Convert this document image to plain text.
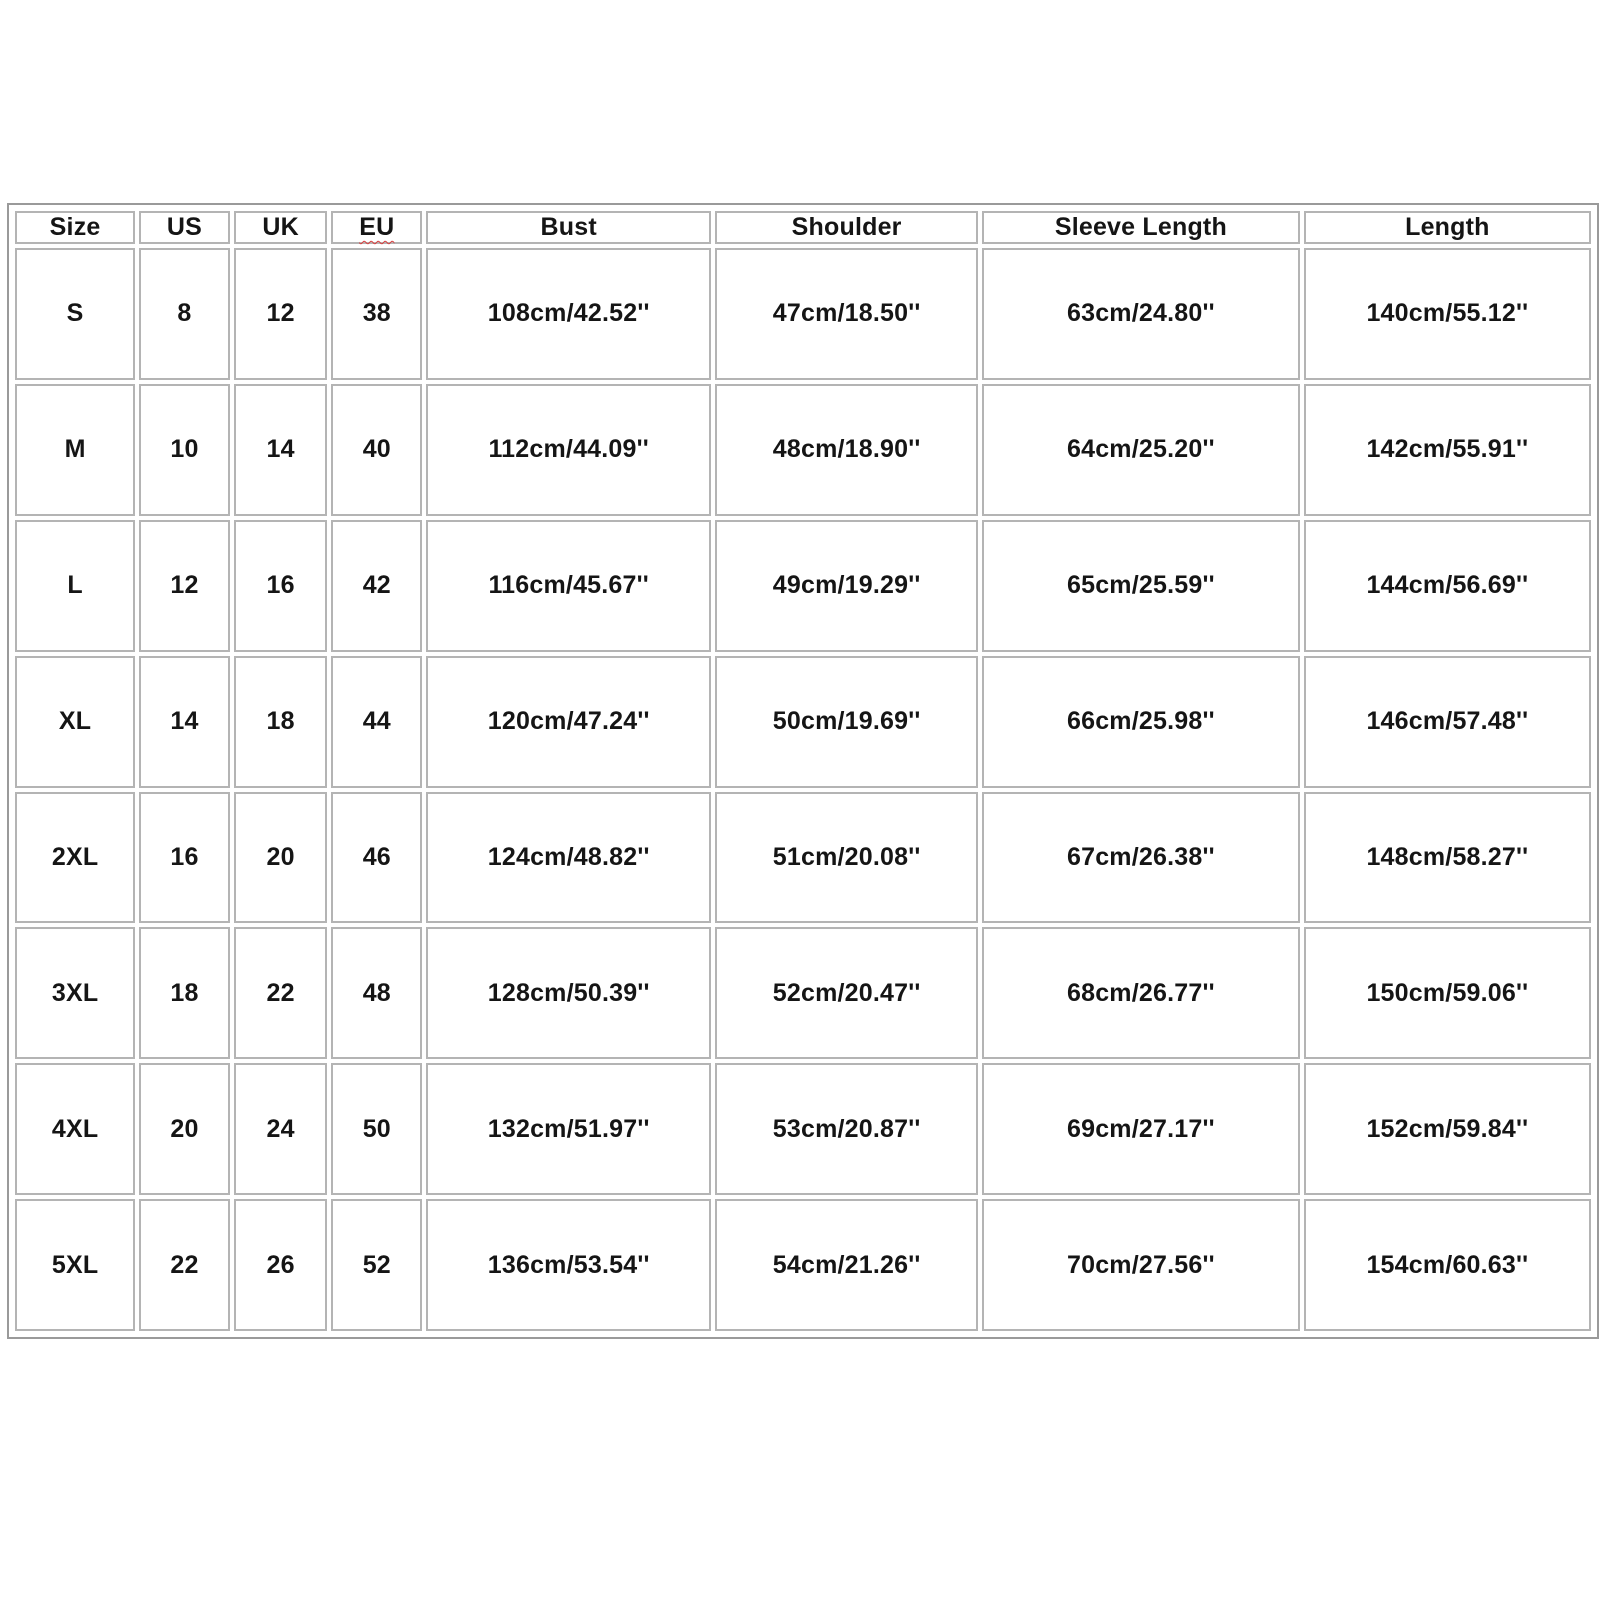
Size	US	UK	EU	Bust	Shoulder	Sleeve Length	Length
S	8	12	38	108cm/42.52''	47cm/18.50''	63cm/24.80''	140cm/55.12''
M	10	14	40	112cm/44.09''	48cm/18.90''	64cm/25.20''	142cm/55.91''
L	12	16	42	116cm/45.67''	49cm/19.29''	65cm/25.59''	144cm/56.69''
XL	14	18	44	120cm/47.24''	50cm/19.69''	66cm/25.98''	146cm/57.48''
2XL	16	20	46	124cm/48.82''	51cm/20.08''	67cm/26.38''	148cm/58.27''
3XL	18	22	48	128cm/50.39''	52cm/20.47''	68cm/26.77''	150cm/59.06''
4XL	20	24	50	132cm/51.97''	53cm/20.87''	69cm/27.17''	152cm/59.84''
5XL	22	26	52	136cm/53.54''	54cm/21.26''	70cm/27.56''	154cm/60.63''
